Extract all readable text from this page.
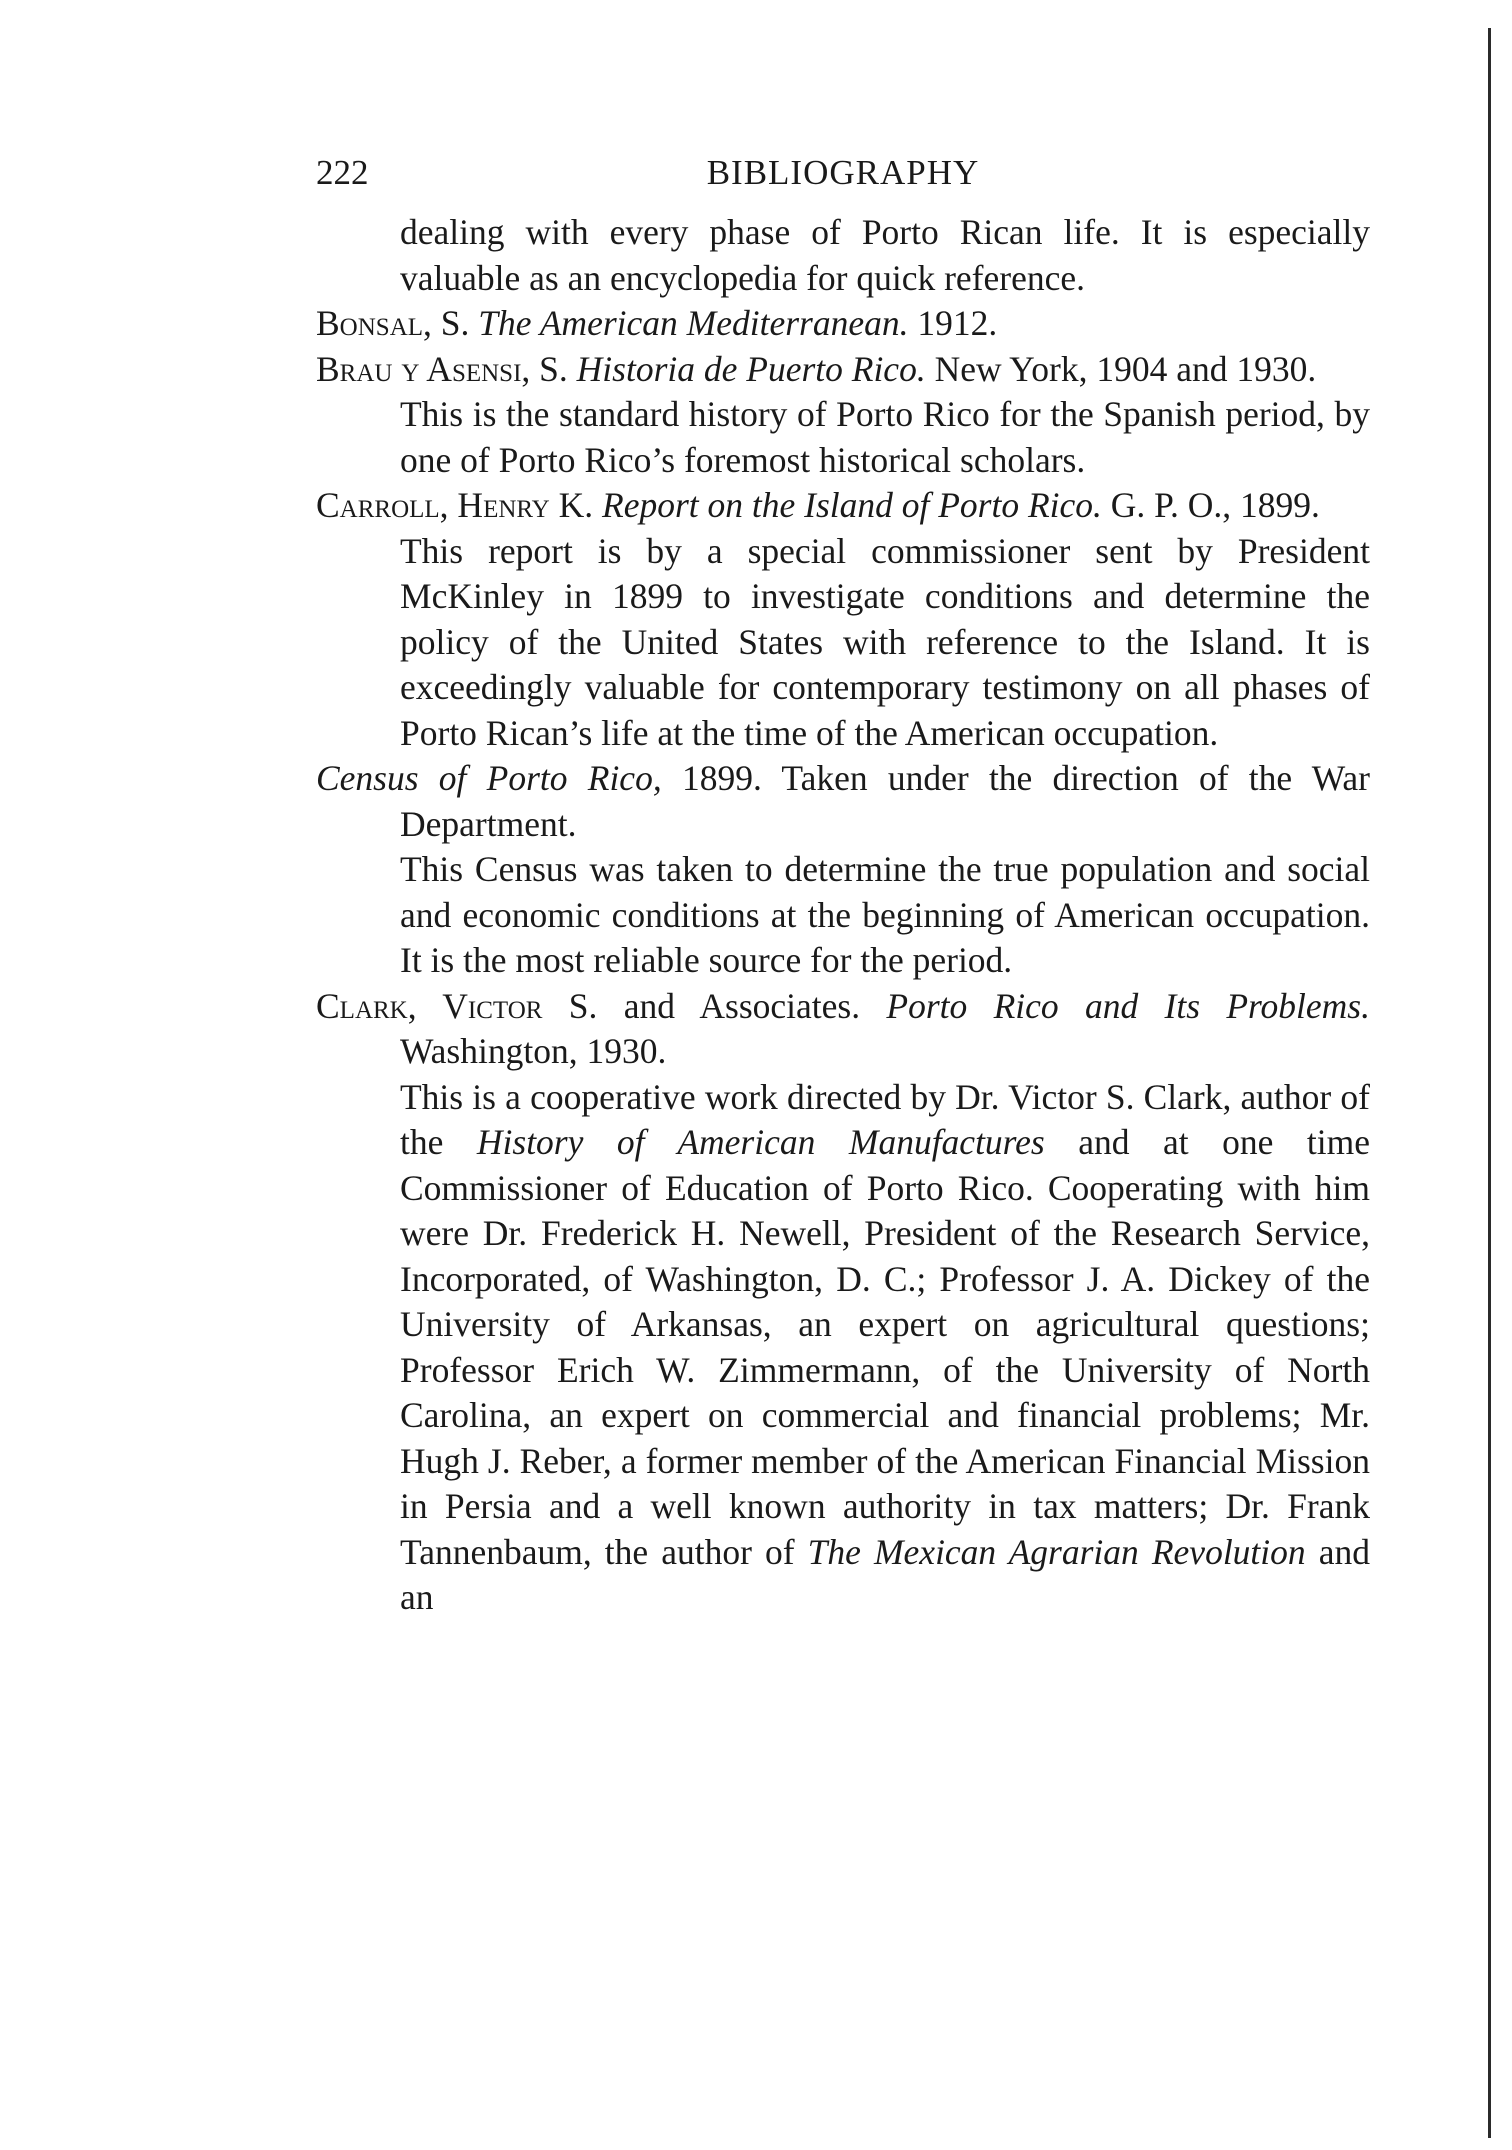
222	BIBLIOGRAPHY

dealing with every phase of Porto Rican life. It is especially valuable as an encyclopedia for quick reference.

Bonsal, S. The American Mediterranean. 1912.

Brau y Asensi, S. Historia de Puerto Rico. New York, 1904 and 1930.

This is the standard history of Porto Rico for the Spanish period, by one of Porto Rico’s foremost historical scholars.

Carroll, Henry K. Report on the Island of Porto Rico. G. P. O., 1899.

This report is by a special commissioner sent by President McKinley in 1899 to investigate conditions and determine the policy of the United States with reference to the Island. It is exceedingly valuable for contemporary testimony on all phases of Porto Rican’s life at the time of the American occupation.

Census of Porto Rico, 1899. Taken under the direction of the War Department.

This Census was taken to determine the true population and social and economic conditions at the beginning of American occupation. It is the most reliable source for the period.

Clark, Victor S. and Associates. Porto Rico and Its Problems. Washington, 1930.

This is a cooperative work directed by Dr. Victor S. Clark, author of the History of American Manufactures and at one time Commissioner of Education of Porto Rico. Cooperating with him were Dr. Frederick H. Newell, President of the Research Service, Incorporated, of Washington, D. C.; Professor J. A. Dickey of the University of Arkansas, an expert on agricultural questions; Professor Erich W. Zimmermann, of the University of North Carolina, an expert on commercial and financial problems; Mr. Hugh J. Reber, a former member of the American Financial Mission in Persia and a well known authority in tax matters; Dr. Frank Tannenbaum, the author of The Mexican Agrarian Revolution and an
